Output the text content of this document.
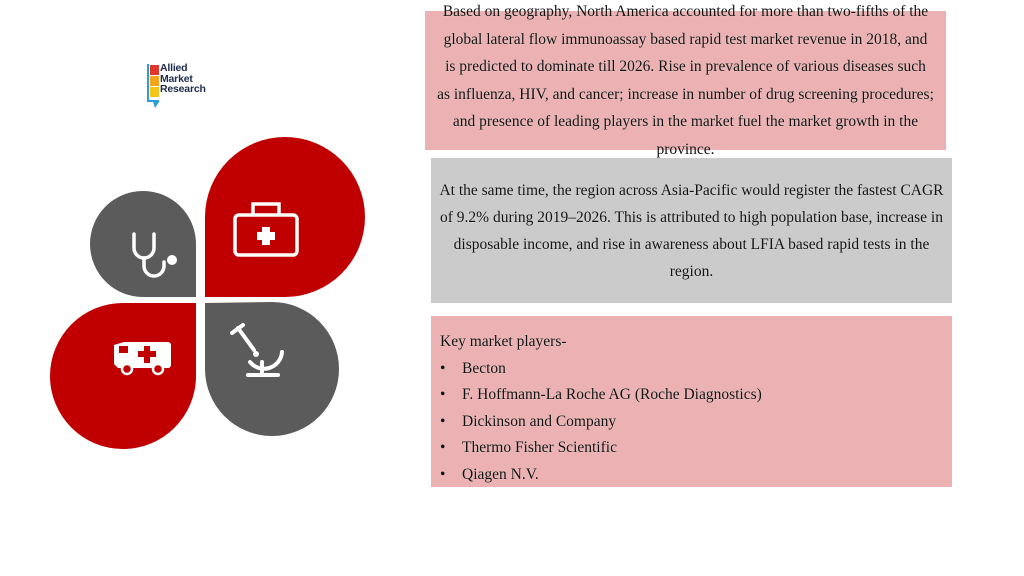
Allied
Market
Research
Based on geography, North America accounted for more than two-fifths of the global lateral flow immunoassay based rapid test market revenue in 2018, and is predicted to dominate till 2026. Rise in prevalence of various diseases such as influenza, HIV, and cancer; increase in number of drug screening procedures; and presence of leading players in the market fuel the market growth in the province.
At the same time, the region across Asia-Pacific would register the fastest CAGR of 9.2% during 2019–2026. This is attributed to high population base, increase in disposable income, and rise in awareness about LFIA based rapid tests in the region.
Key market players-
• Becton
• F. Hoffmann-La Roche AG (Roche Diagnostics)
• Dickinson and Company
• Thermo Fisher Scientific
• Qiagen N.V.
